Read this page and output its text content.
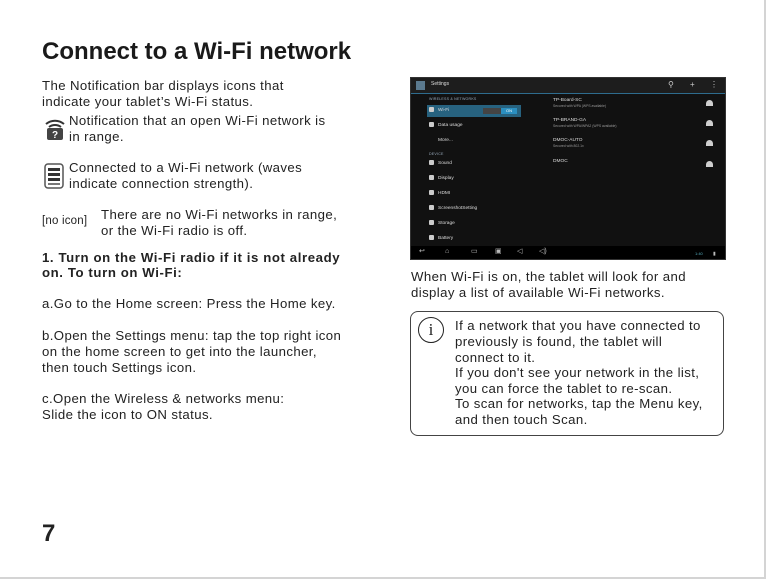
Connect to a Wi-Fi network
The Notification bar displays icons that
indicate your tablet’s Wi-Fi status.
?
Notification that an open Wi-Fi network is
in range.
Connected to a Wi-Fi network (waves
indicate connection strength).
[no icon] There are no Wi-Fi networks in range,
or the Wi-Fi radio is off.
1. Turn on the Wi-Fi radio if it is not already
on. To turn on Wi-Fi:
a.Go to the Home screen: Press the Home key.
b.Open the Settings menu: tap the top right icon
on the home screen to get into the launcher,
then touch Settings icon.
c.Open the Wireless & networks menu:
Slide the icon to ON status.
Settings	⚲ + ⋮
WIRELESS & NETWORKS
Wi-Fi	ON
Data usage
More...
DEVICE
Sound
Display
HDMI
ScreenshotSetting
Storage
Battery
TP-Board-SC
Secured with WPA (WPS available)
TP-BRAND-GA
Secured with WPA/WPA2 (WPS available)
DMOC-AUTO
Secured with 802.1x
DMOC
↩	⌂	▭ ▣ ◁ ◁)	1:40 ▮
When Wi-Fi is on, the tablet will look for and
display a list of available Wi-Fi networks.
i	If a network that you have connected to
previously is found, the tablet will
connect to it.
If you don't see your network in the list,
you can force the tablet to re-scan.
To scan for networks, tap the Menu key,
and then touch Scan.
7
